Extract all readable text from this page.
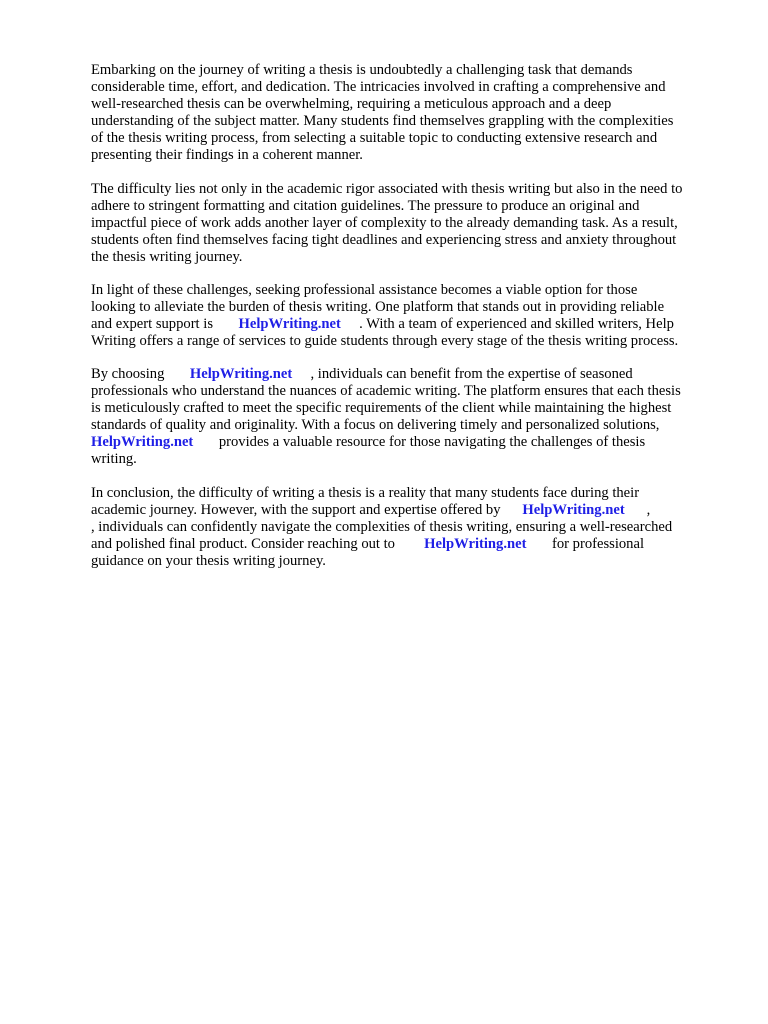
Embarking on the journey of writing a thesis is undoubtedly a challenging task that demands
considerable time, effort, and dedication. The intricacies involved in crafting a comprehensive and
well-researched thesis can be overwhelming, requiring a meticulous approach and a deep
understanding of the subject matter. Many students find themselves grappling with the complexities
of the thesis writing process, from selecting a suitable topic to conducting extensive research and
presenting their findings in a coherent manner.

The difficulty lies not only in the academic rigor associated with thesis writing but also in the need to
adhere to stringent formatting and citation guidelines. The pressure to produce an original and
impactful piece of work adds another layer of complexity to the already demanding task. As a result,
students often find themselves facing tight deadlines and experiencing stress and anxiety throughout
the thesis writing journey.

In light of these challenges, seeking professional assistance becomes a viable option for those
looking to alleviate the burden of thesis writing. One platform that stands out in providing reliable
and expert support is HelpWriting.net . With a team of experienced and skilled writers, Help
Writing offers a range of services to guide students through every stage of the thesis writing process.

By choosing HelpWriting.net , individuals can benefit from the expertise of seasoned
professionals who understand the nuances of academic writing. The platform ensures that each thesis
is meticulously crafted to meet the specific requirements of the client while maintaining the highest
standards of quality and originality. With a focus on delivering timely and personalized solutions,
HelpWriting.net provides a valuable resource for those navigating the challenges of thesis
writing.

In conclusion, the difficulty of writing a thesis is a reality that many students face during their
academic journey. However, with the support and expertise offered by HelpWriting.net ,
, individuals can confidently navigate the complexities of thesis writing, ensuring a well-researched
and polished final product. Consider reaching out to HelpWriting.net for professional
guidance on your thesis writing journey.
